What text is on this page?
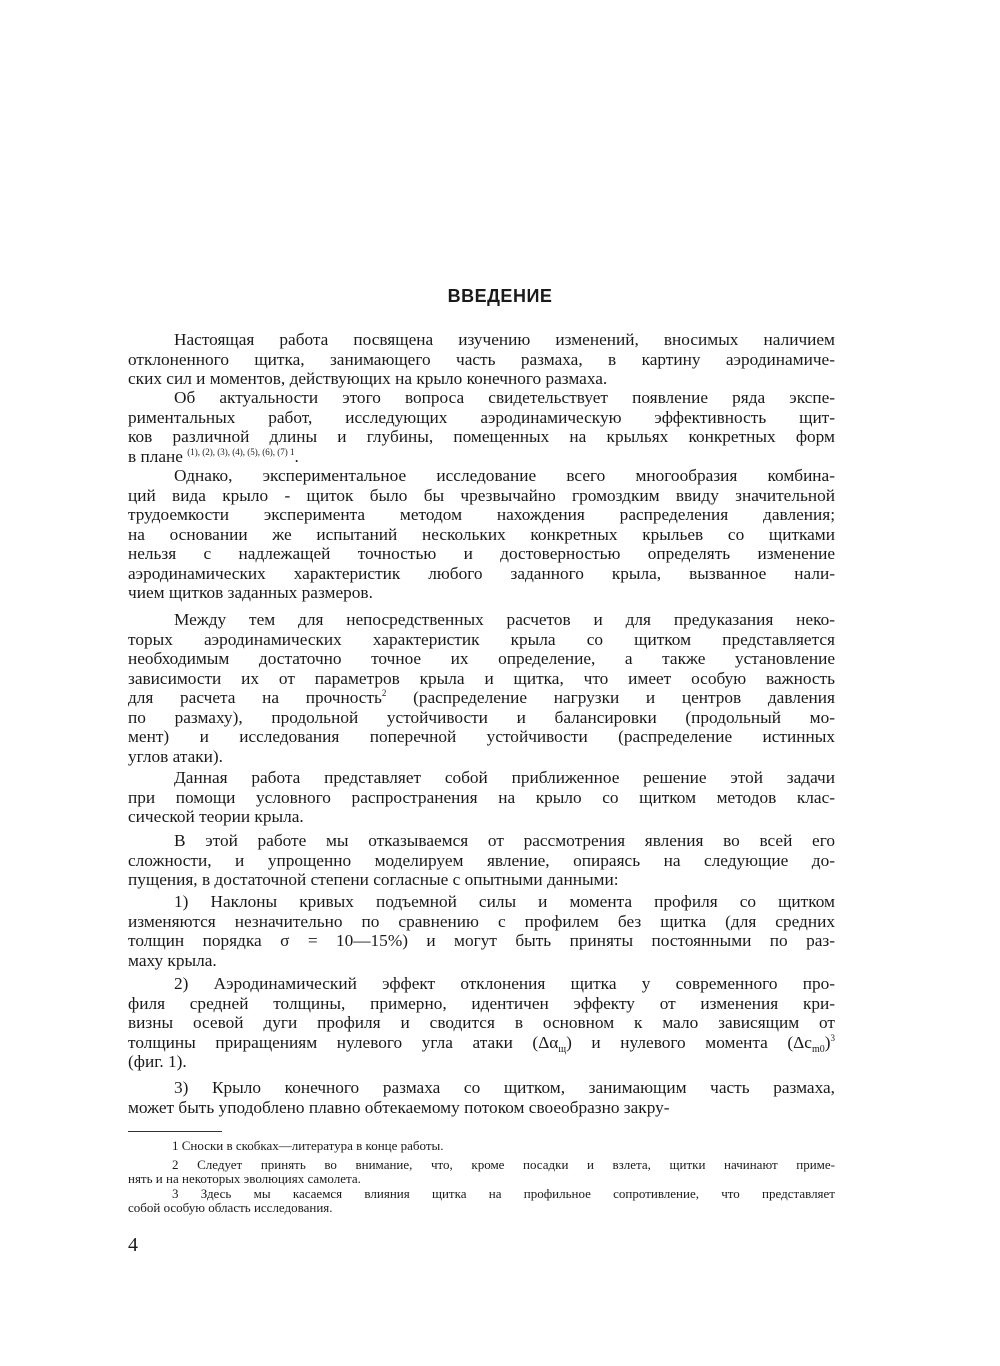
ВВЕДЕНИЕ
Настоящая работа посвящена изучению изменений, вносимых наличием
отклоненного щитка, занимающего часть размаха, в картину аэродинамиче-
ских сил и моментов, действующих на крыло конечного размаха.
Об актуальности этого вопроса свидетельствует появление ряда экспе-
риментальных работ, исследующих аэродинамическую эффективность щит-
ков различной длины и глубины, помещенных на крыльях конкретных форм
в плане $^{(1), (2), (3), (4), (5), (6), (7) 1}$.
Однако, экспериментальное исследование всего многообразия комбина-
ций вида крыло - щиток было бы чрезвычайно громоздким ввиду значительной
трудоемкости эксперимента методом нахождения распределения давления;
на основании же испытаний нескольких конкретных крыльев со щитками
нельзя с надлежащей точностью и достоверностью определять изменение
аэродинамических характеристик любого заданного крыла, вызванное нали-
чием щитков заданных размеров.
Между тем для непосредственных расчетов и для предуказания неко-
торых аэродинамических характеристик крыла со щитком представляется
необходимым достаточно точное их определение, а также установление
зависимости их от параметров крыла и щитка, что имеет особую важность
для расчета на прочность$^2$ (распределение нагрузки и центров давления
по размаху), продольной устойчивости и балансировки (продольный мо-
мент) и исследования поперечной устойчивости (распределение истинных
углов атаки).
Данная работа представляет собой приближенное решение этой задачи
при помощи условного распространения на крыло со щитком методов клас-
сической теории крыла.
В этой работе мы отказываемся от рассмотрения явления во всей его
сложности, и упрощенно моделируем явление, опираясь на следующие до-
пущения, в достаточной степени согласные с опытными данными:
1) Наклоны кривых подъемной силы и момента профиля со щитком
изменяются незначительно по сравнению с профилем без щитка (для средних
толщин порядка σ = 10—15%) и могут быть приняты постоянными по раз-
маху крыла.
2) Аэродинамический эффект отклонения щитка у современного про-
филя средней толщины, примерно, идентичен эффекту от изменения кри-
визны осевой дуги профиля и сводится в основном к мало зависящим от
толщины приращениям нулевого угла атаки $(\Delta\alpha_щ)$ и нулевого момента $(\Delta c_{m0})^3$
(фиг. 1).
3) Крыло конечного размаха со щитком, занимающим часть размаха,
может быть уподоблено плавно обтекаемому потоком своеобразно закру-
1 Сноски в скобках—литература в конце работы.
2 Следует принять во внимание, что, кроме посадки и взлета, щитки начинают приме-
нять и на некоторых эволюциях самолета.
3 Здесь мы касаемся влияния щитка на профильное сопротивление, что представляет
собой особую область исследования.
4
